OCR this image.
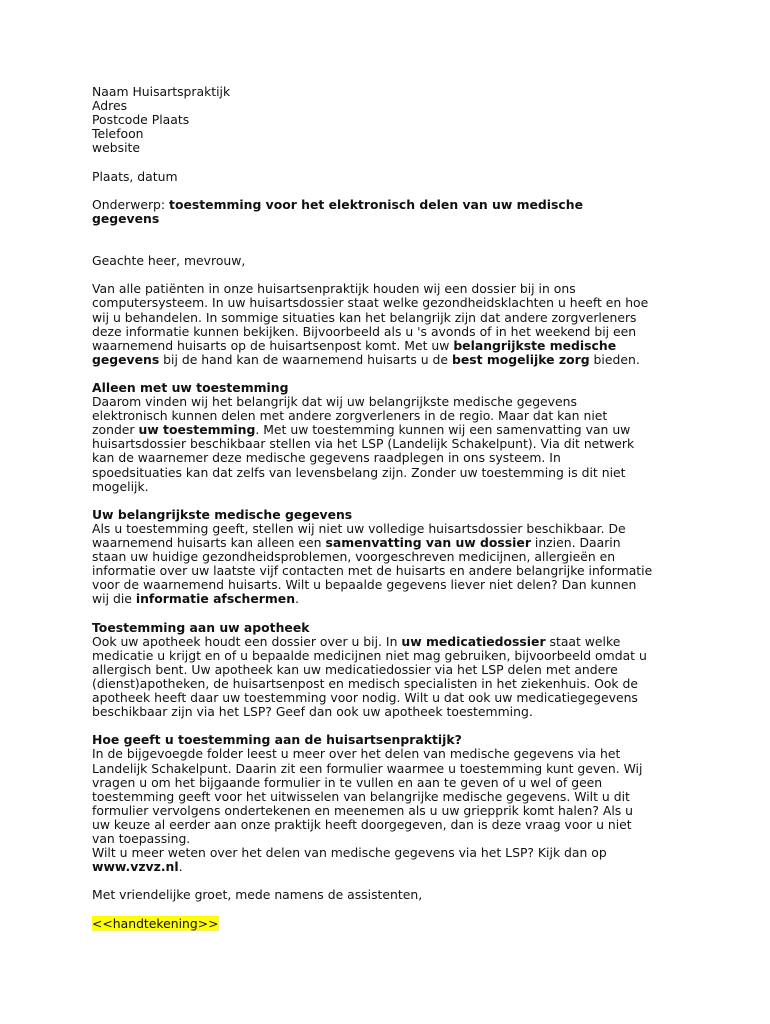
Naam Huisartspraktijk
Adres
Postcode Plaats
Telefoon
website
Plaats, datum
Onderwerp: toestemming voor het elektronisch delen van uw medische
gegevens
Geachte heer, mevrouw,
Van alle patiënten in onze huisartsenpraktijk houden wij een dossier bij in ons
computersysteem. In uw huisartsdossier staat welke gezondheidsklachten u heeft en hoe
wij u behandelen. In sommige situaties kan het belangrijk zijn dat andere zorgverleners
deze informatie kunnen bekijken. Bijvoorbeeld als u 's avonds of in het weekend bij een
waarnemend huisarts op de huisartsenpost komt. Met uw belangrijkste medische
gegevens bij de hand kan de waarnemend huisarts u de best mogelijke zorg bieden.
Alleen met uw toestemming
Daarom vinden wij het belangrijk dat wij uw belangrijkste medische gegevens
elektronisch kunnen delen met andere zorgverleners in de regio. Maar dat kan niet
zonder uw toestemming. Met uw toestemming kunnen wij een samenvatting van uw
huisartsdossier beschikbaar stellen via het LSP (Landelijk Schakelpunt). Via dit netwerk
kan de waarnemer deze medische gegevens raadplegen in ons systeem. In
spoedsituaties kan dat zelfs van levensbelang zijn. Zonder uw toestemming is dit niet
mogelijk.
Uw belangrijkste medische gegevens
Als u toestemming geeft, stellen wij niet uw volledige huisartsdossier beschikbaar. De
waarnemend huisarts kan alleen een samenvatting van uw dossier inzien. Daarin
staan uw huidige gezondheidsproblemen, voorgeschreven medicijnen, allergieën en
informatie over uw laatste vijf contacten met de huisarts en andere belangrijke informatie
voor de waarnemend huisarts. Wilt u bepaalde gegevens liever niet delen? Dan kunnen
wij die informatie afschermen.
Toestemming aan uw apotheek
Ook uw apotheek houdt een dossier over u bij. In uw medicatiedossier staat welke
medicatie u krijgt en of u bepaalde medicijnen niet mag gebruiken, bijvoorbeeld omdat u
allergisch bent. Uw apotheek kan uw medicatiedossier via het LSP delen met andere
(dienst)apotheken, de huisartsenpost en medisch specialisten in het ziekenhuis. Ook de
apotheek heeft daar uw toestemming voor nodig. Wilt u dat ook uw medicatiegegevens
beschikbaar zijn via het LSP? Geef dan ook uw apotheek toestemming.
Hoe geeft u toestemming aan de huisartsenpraktijk?
In de bijgevoegde folder leest u meer over het delen van medische gegevens via het
Landelijk Schakelpunt. Daarin zit een formulier waarmee u toestemming kunt geven. Wij
vragen u om het bijgaande formulier in te vullen en aan te geven of u wel of geen
toestemming geeft voor het uitwisselen van belangrijke medische gegevens. Wilt u dit
formulier vervolgens ondertekenen en meenemen als u uw griepprik komt halen? Als u
uw keuze al eerder aan onze praktijk heeft doorgegeven, dan is deze vraag voor u niet
van toepassing.
Wilt u meer weten over het delen van medische gegevens via het LSP? Kijk dan op
www.vzvz.nl.
Met vriendelijke groet, mede namens de assistenten,
<<handtekening>>
